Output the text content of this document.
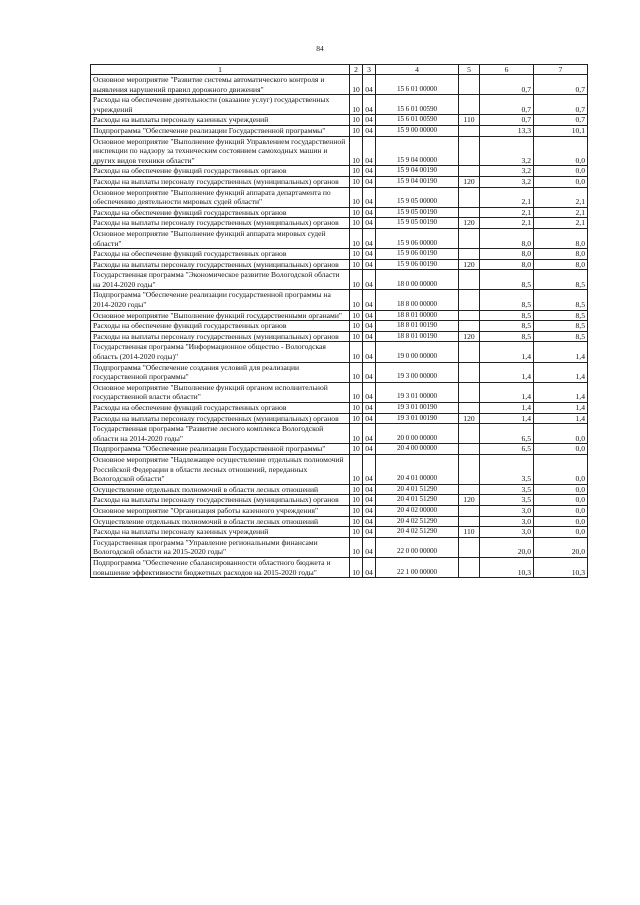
84
1	2	3	4	5	6	7
Основное мероприятие "Развитие системы автоматического контроля и выявления нарушений правил дорожного движения"	10	04	15 6 01 00000		0,7	0,7
Расходы на обеспечение деятельности (оказание услуг) государственных учреждений	10	04	15 6 01 00590		0,7	0,7
Расходы на выплаты персоналу казенных учреждений	10	04	15 6 01 00590	110	0,7	0,7
Подпрограмма "Обеспечение реализации Государственной программы"	10	04	15 9 00 00000		13,3	10,1
Основное мероприятие "Выполнение функций Управлением государственной инспекции по надзору за техническим состоянием самоходных машин и других видов техники области"	10	04	15 9 04 00000		3,2	0,0
Расходы на обеспечение функций государственных органов	10	04	15 9 04 00190		3,2	0,0
Расходы на выплаты персоналу государственных (муниципальных) органов	10	04	15 9 04 00190	120	3,2	0,0
Основное мероприятие "Выполнение функций аппарата департамента по обеспечению деятельности мировых судей области"	10	04	15 9 05 00000		2,1	2,1
Расходы на обеспечение функций государственных органов	10	04	15 9 05 00190		2,1	2,1
Расходы на выплаты персоналу государственных (муниципальных) органов	10	04	15 9 05 00190	120	2,1	2,1
Основное мероприятие "Выполнение функций аппарата мировых судей области"	10	04	15 9 06 00000		8,0	8,0
Расходы на обеспечение функций государственных органов	10	04	15 9 06 00190		8,0	8,0
Расходы на выплаты персоналу государственных (муниципальных) органов	10	04	15 9 06 00190	120	8,0	8,0
Государственная программа "Экономическое развитие Вологодской области на 2014-2020 годы"	10	04	18 0 00 00000		8,5	8,5
Подпрограмма "Обеспечение реализации государственной программы на 2014-2020 годы"	10	04	18 8 00 00000		8,5	8,5
Основное мероприятие "Выполнение функций государственными органами"	10	04	18 8 01 00000		8,5	8,5
Расходы на обеспечение функций государственных органов	10	04	18 8 01 00190		8,5	8,5
Расходы на выплаты персоналу государственных (муниципальных) органов	10	04	18 8 01 00190	120	8,5	8,5
Государственная программа "Информационное общество - Вологодская область (2014-2020 годы)"	10	04	19 0 00 00000		1,4	1,4
Подпрограмма "Обеспечение создания условий для реализации государственной программы"	10	04	19 3 00 00000		1,4	1,4
Основное мероприятие "Выполнение функций органом исполнительной государственной власти области"	10	04	19 3 01 00000		1,4	1,4
Расходы на обеспечение функций государственных органов	10	04	19 3 01 00190		1,4	1,4
Расходы на выплаты персоналу государственных (муниципальных) органов	10	04	19 3 01 00190	120	1,4	1,4
Государственная программа "Развитие лесного комплекса Вологодской области на 2014-2020 годы"	10	04	20 0 00 00000		6,5	0,0
Подпрограмма "Обеспечение реализации Государственной программы"	10	04	20 4 00 00000		6,5	0,0
Основное мероприятие "Надлежащее осуществление отдельных полномочий Российской Федерации в области лесных отношений, переданных Вологодской области"	10	04	20 4 01 00000		3,5	0,0
Осуществление отдельных полномочий в области лесных отношений	10	04	20 4 01 51290		3,5	0,0
Расходы на выплаты персоналу государственных (муниципальных) органов	10	04	20 4 01 51290	120	3,5	0,0
Основное мероприятие "Организация работы казенного учреждения"	10	04	20 4 02 00000		3,0	0,0
Осуществление отдельных полномочий в области лесных отношений	10	04	20 4 02 51290		3,0	0,0
Расходы на выплаты персоналу казенных учреждений	10	04	20 4 02 51290	110	3,0	0,0
Государственная программа "Управление региональными финансами Вологодской области на 2015-2020 годы"	10	04	22 0 00 00000		20,0	20,0
Подпрограмма "Обеспечение сбалансированности областного бюджета и повышение эффективности бюджетных расходов на 2015-2020 годы"	10	04	22 1 00 00000		10,3	10,3
